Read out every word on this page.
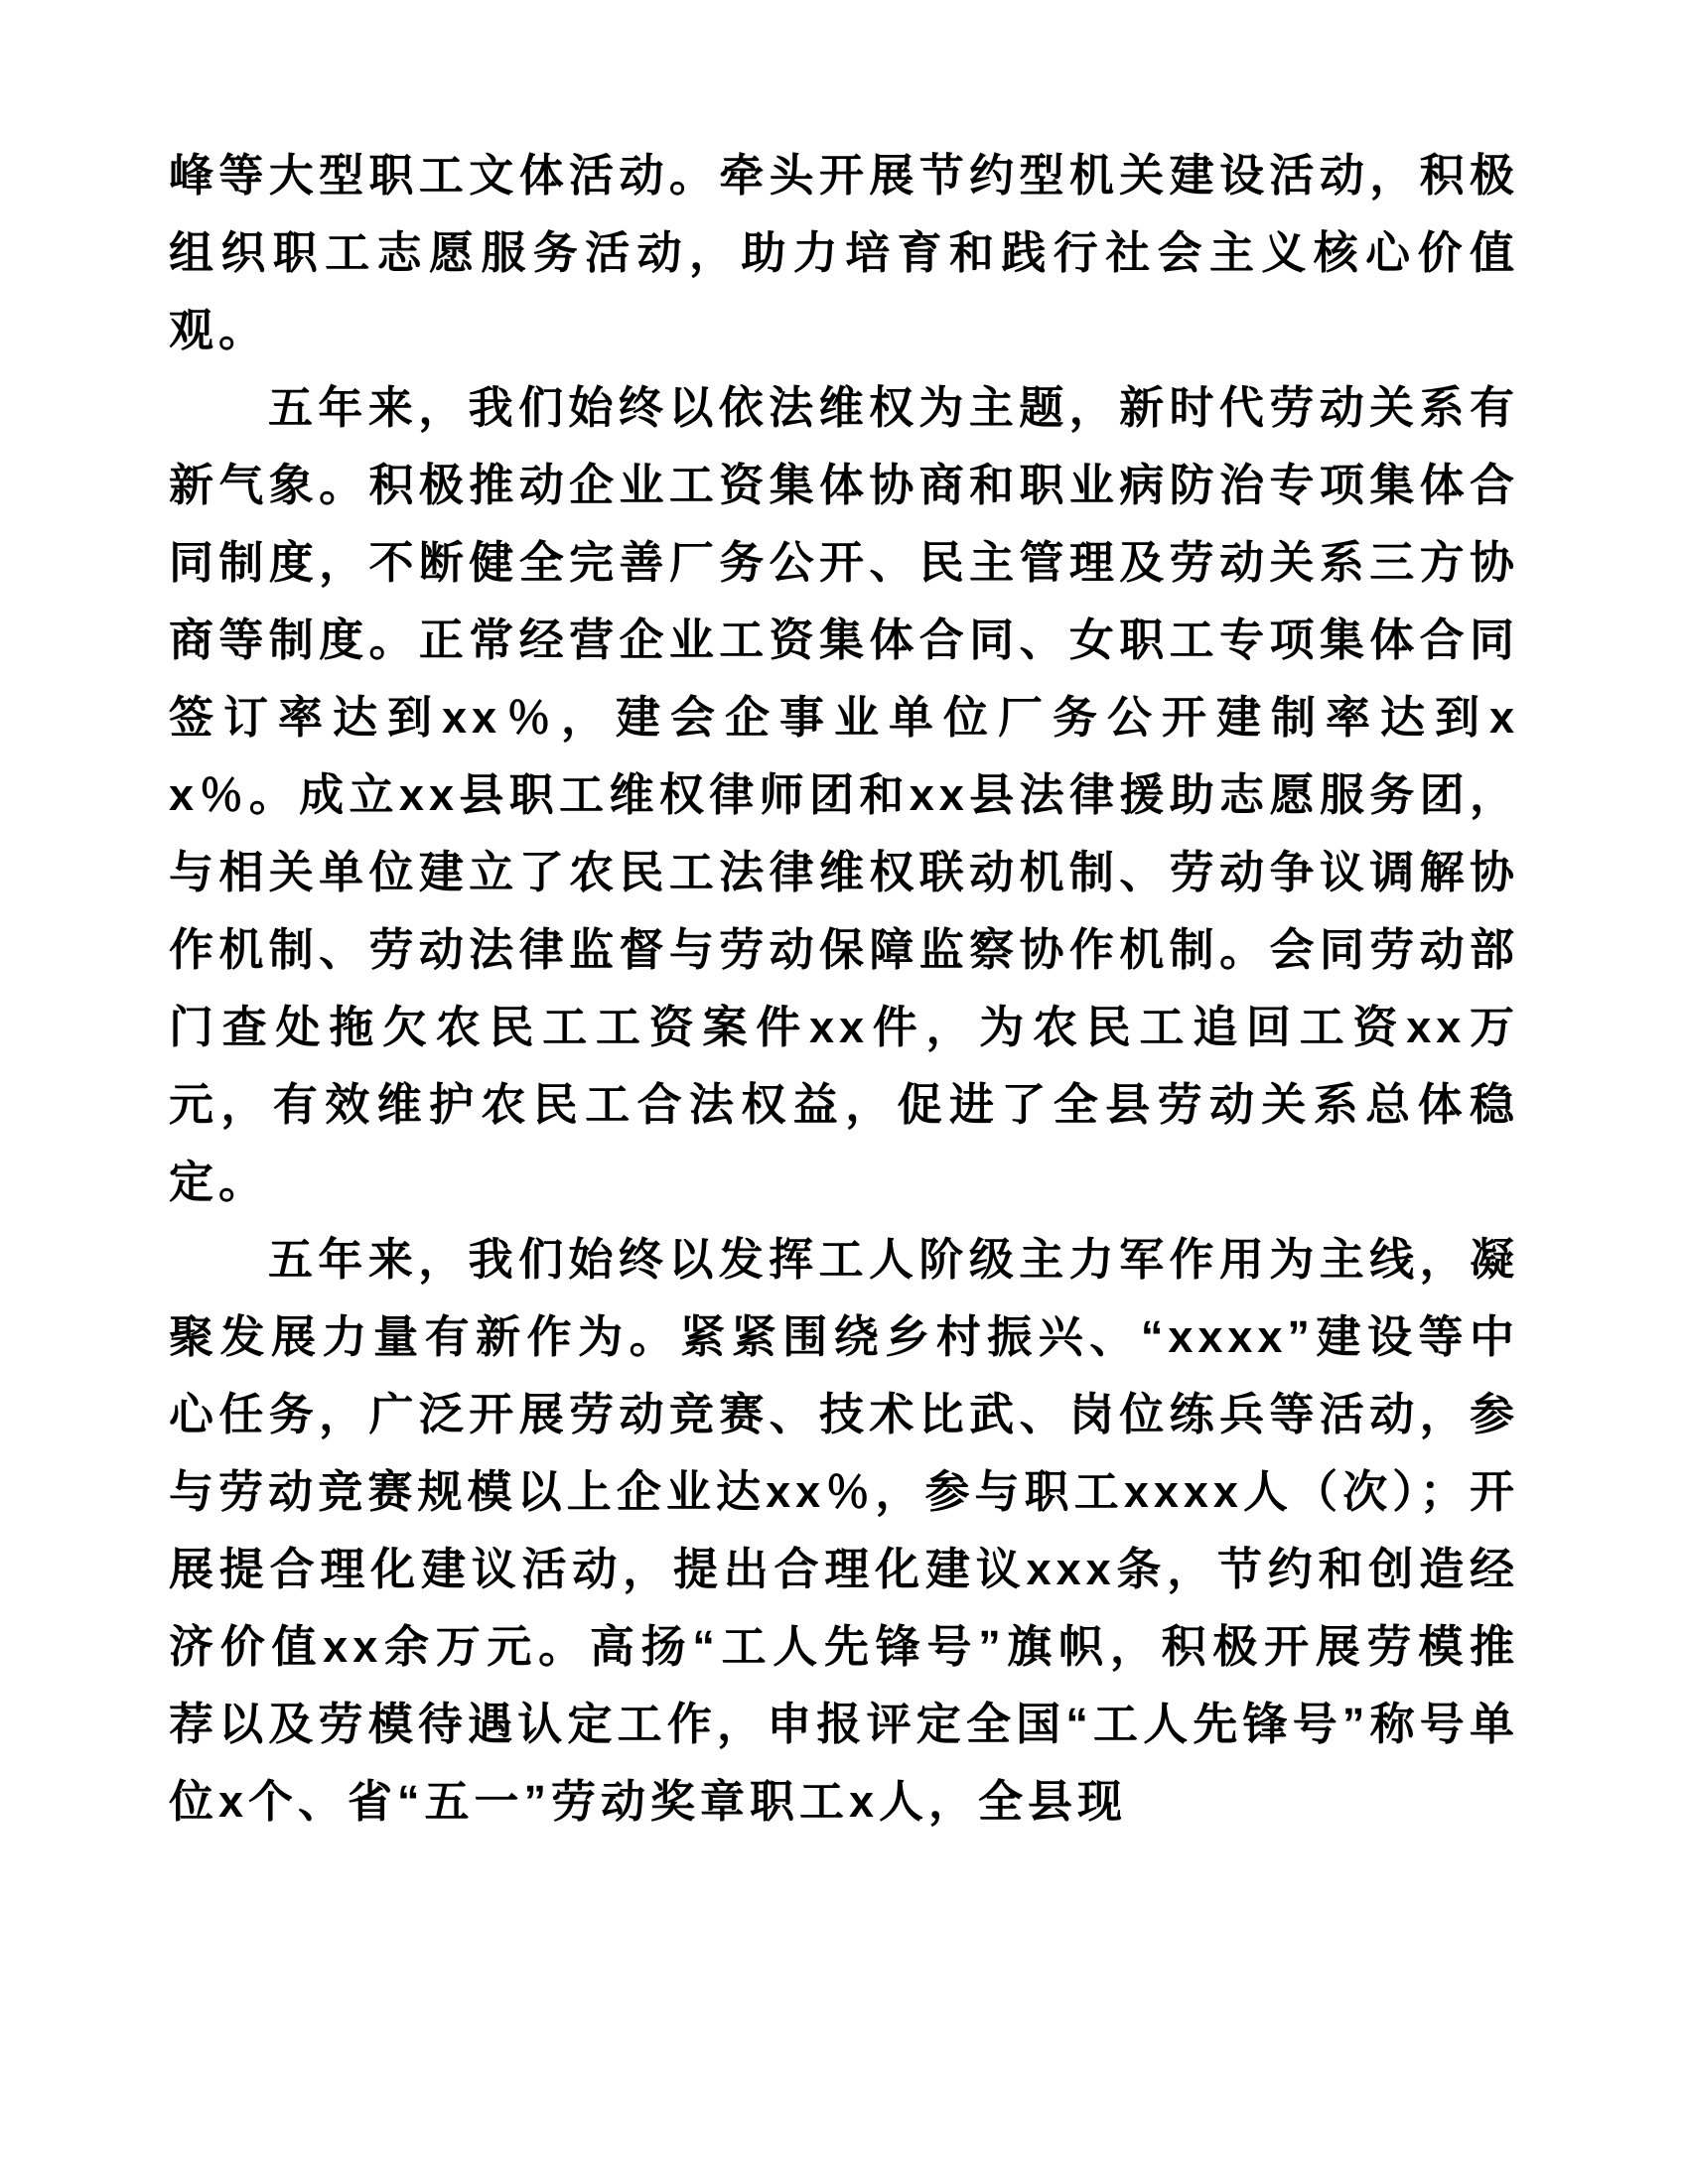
峰等大型职工文体活动。牵头开展节约型机关建设活动，积极组织职工志愿服务活动，助力培育和践行社会主义核心价值观。

五年来，我们始终以依法维权为主题，新时代劳动关系有新气象。积极推动企业工资集体协商和职业病防治专项集体合同制度，不断健全完善厂务公开、民主管理及劳动关系三方协商等制度。正常经营企业工资集体合同、女职工专项集体合同签订率达到xx％，建会企事业单位厂务公开建制率达到xx％。成立xx县职工维权律师团和xx县法律援助志愿服务团，与相关单位建立了农民工法律维权联动机制、劳动争议调解协作机制、劳动法律监督与劳动保障监察协作机制。会同劳动部门查处拖欠农民工工资案件xx件，为农民工追回工资xx万元，有效维护农民工合法权益，促进了全县劳动关系总体稳定。

五年来，我们始终以发挥工人阶级主力军作用为主线，凝聚发展力量有新作为。紧紧围绕乡村振兴、“xxxx”建设等中心任务，广泛开展劳动竞赛、技术比武、岗位练兵等活动，参与劳动竞赛规模以上企业达xx％，参与职工xxxx人（次）；开展提合理化建议活动，提出合理化建议xxx条，节约和创造经济价值xx余万元。高扬“工人先锋号”旗帜，积极开展劳模推荐以及劳模待遇认定工作，申报评定全国“工人先锋号”称号单位x个、省“五一”劳动奖章职工x人，全县现
